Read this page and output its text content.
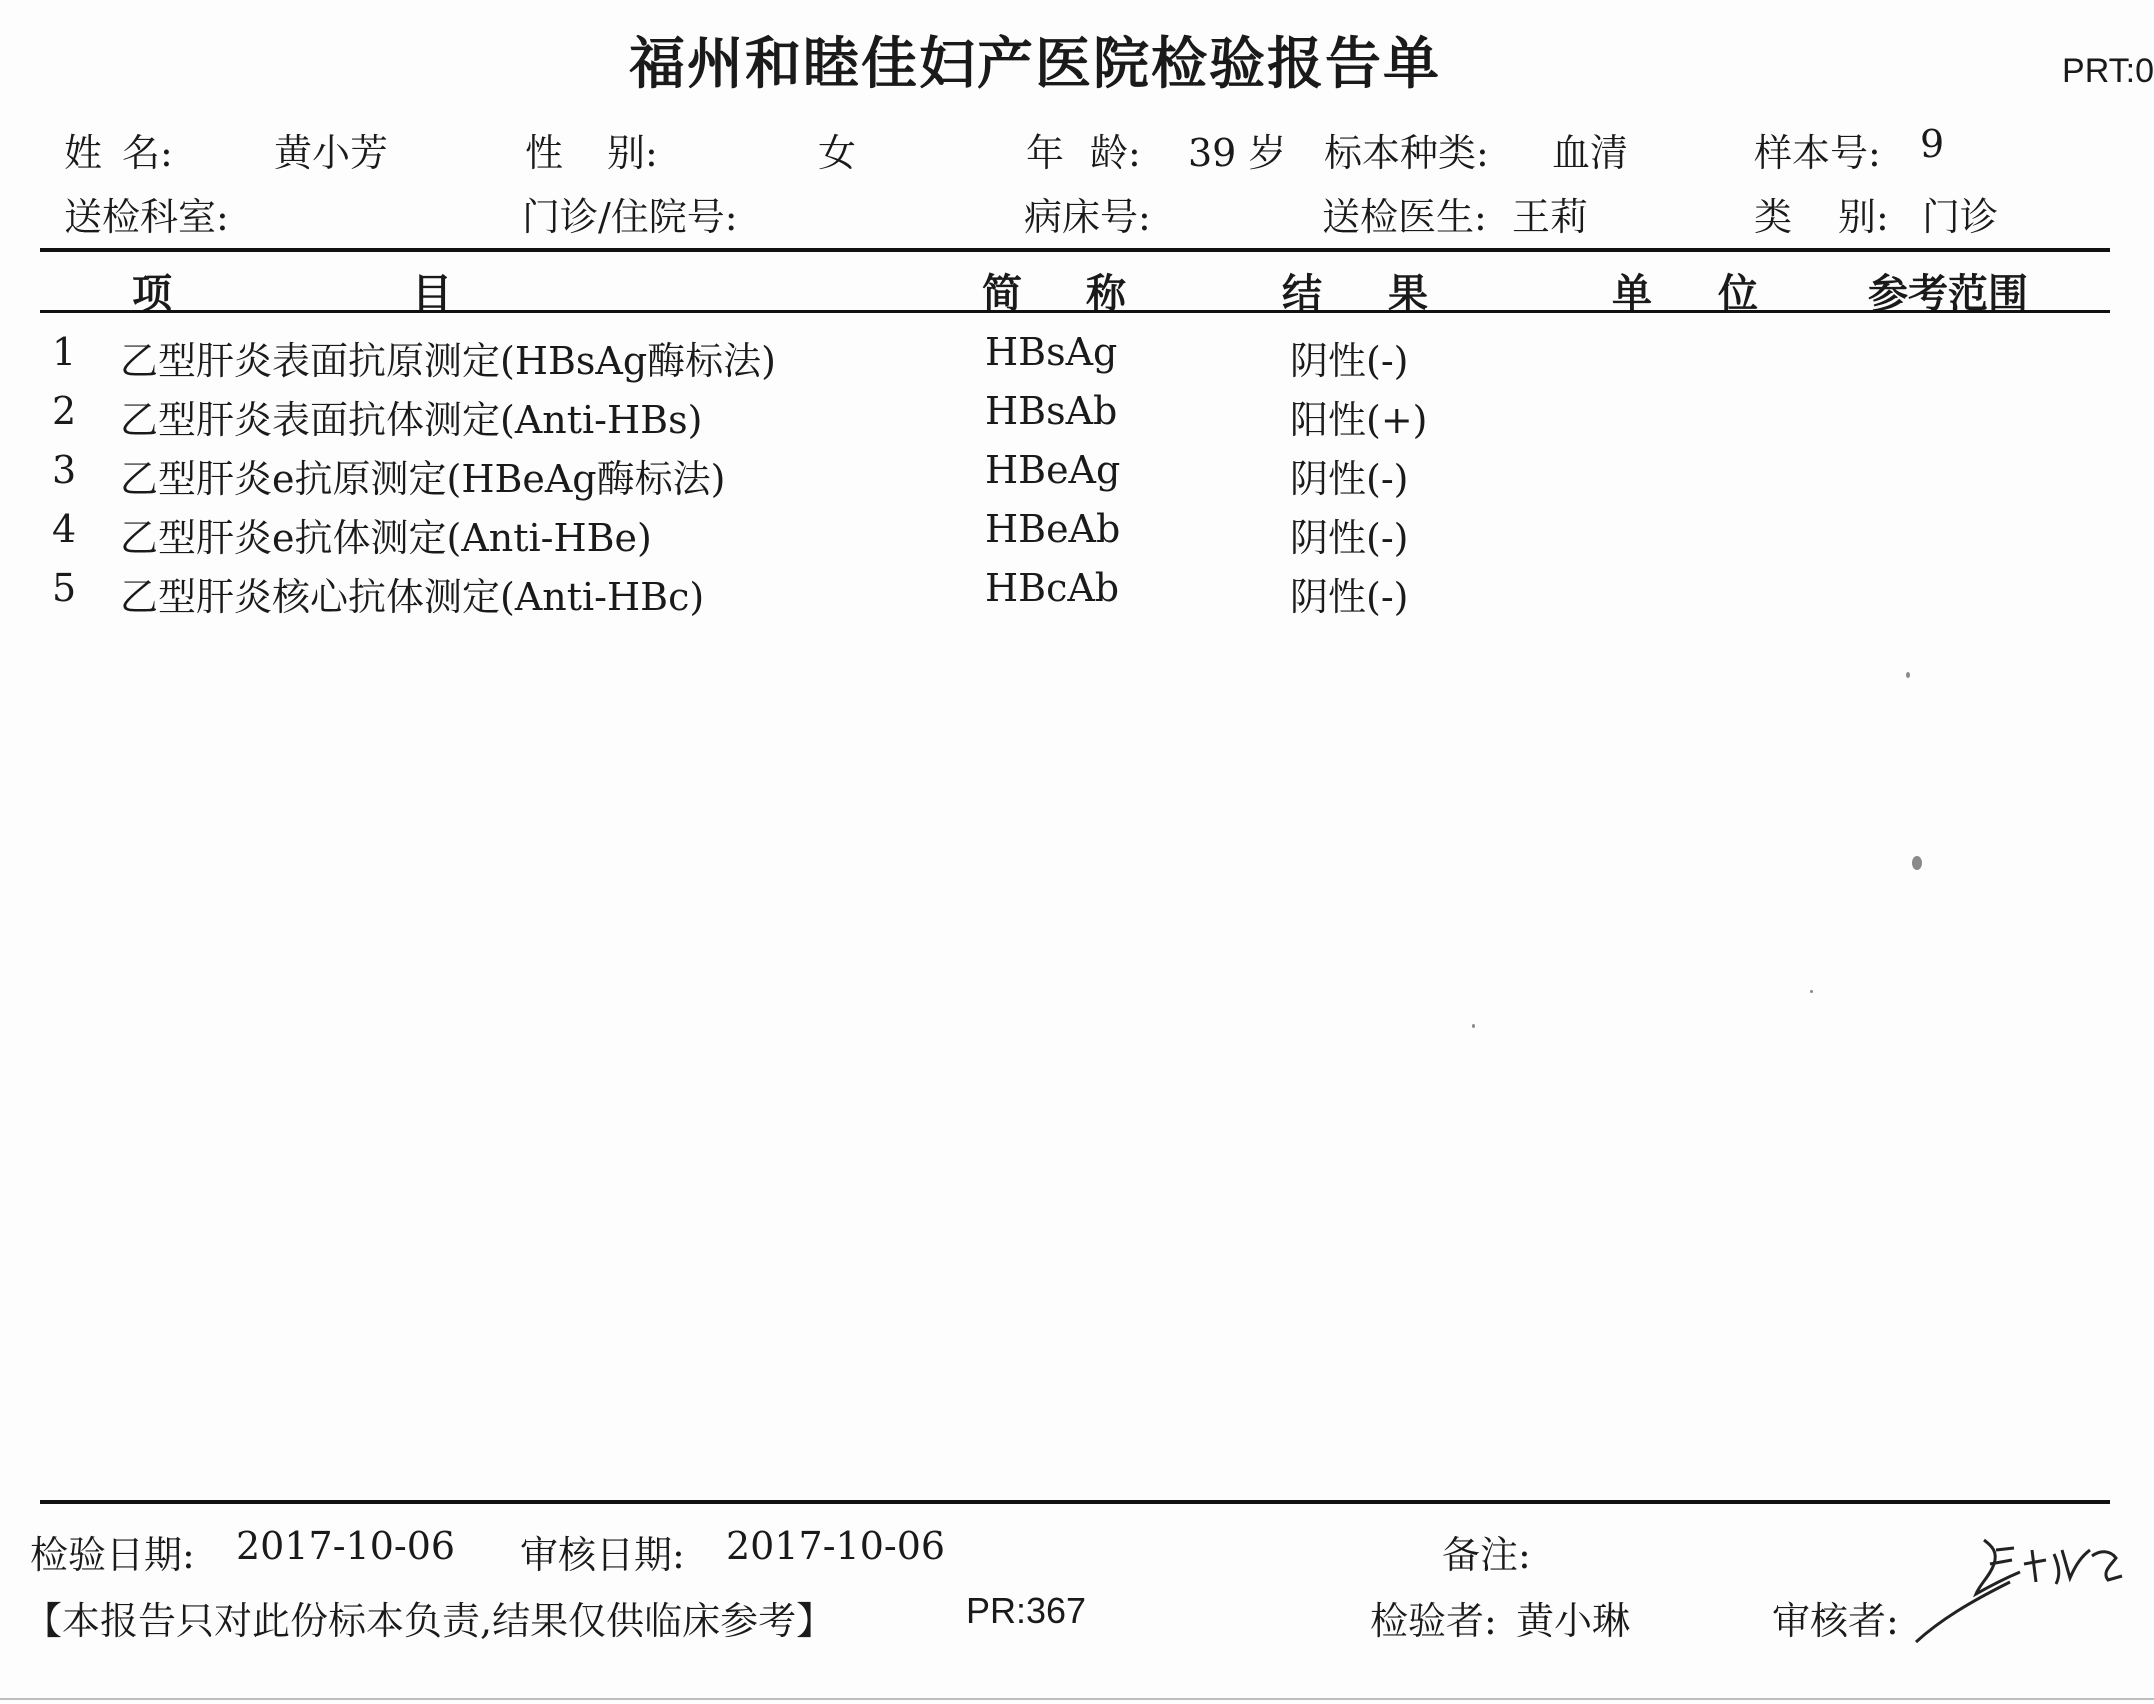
福州和睦佳妇产医院检验报告单	PRT:0
姓 名:	黄小芳	性 别:	女	年 龄: 39 岁 标本种类: 血清	样本号: 9
送检科室:	门诊/住院号:	病床号:	送检医生: 王莉	类 别: 门诊
项	目	简 称	结 果	单 位	参考范围
1	乙型肝炎表面抗原测定(HBsAg酶标法)	HBsAg	阴性(-)
2	乙型肝炎表面抗体测定(Anti-HBs)	HBsAb	阳性(+)
3	乙型肝炎e抗原测定(HBeAg酶标法)	HBeAg	阴性(-)
4	乙型肝炎e抗体测定(Anti-HBe)	HBeAb	阴性(-)
5	乙型肝炎核心抗体测定(Anti-HBc)	HBcAb	阴性(-)
检验日期: 2017-10-06 审核日期: 2017-10-06	备注:
【本报告只对此份标本负责,结果仅供临床参考】	PR:367	检验者: 黄小琳	审核者:
